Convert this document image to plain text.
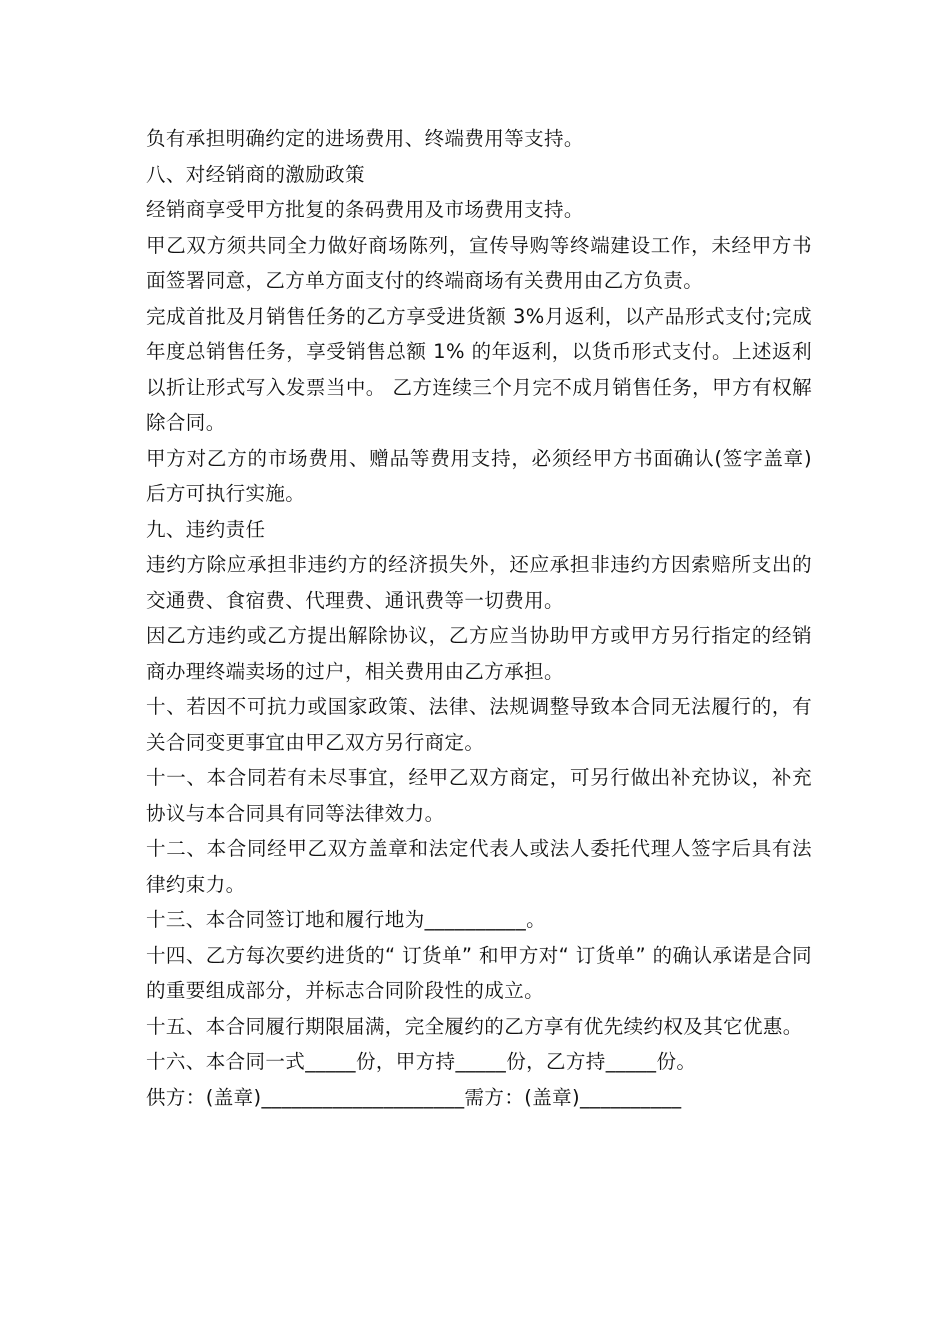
负有承担明确约定的进场费用、终端费用等支持。

八、对经销商的激励政策

经销商享受甲方批复的条码费用及市场费用支持。

甲乙双方须共同全力做好商场陈列，宣传导购等终端建设工作，未经甲方书面签署同意，乙方单方面支付的终端商场有关费用由乙方负责。

完成首批及月销售任务的乙方享受进货额 3%月返利，以产品形式支付;完成年度总销售任务，享受销售总额 1% 的年返利，以货币形式支付。上述返利以折让形式写入发票当中。 乙方连续三个月完不成月销售任务，甲方有权解除合同。

甲方对乙方的市场费用、赠品等费用支持，必须经甲方书面确认(签字盖章)后方可执行实施。

九、违约责任

违约方除应承担非违约方的经济损失外，还应承担非违约方因索赔所支出的交通费、食宿费、代理费、通讯费等一切费用。

因乙方违约或乙方提出解除协议，乙方应当协助甲方或甲方另行指定的经销商办理终端卖场的过户，相关费用由乙方承担。

十、若因不可抗力或国家政策、法律、法规调整导致本合同无法履行的，有关合同变更事宜由甲乙双方另行商定。

十一、本合同若有未尽事宜，经甲乙双方商定，可另行做出补充协议，补充协议与本合同具有同等法律效力。

十二、本合同经甲乙双方盖章和法定代表人或法人委托代理人签字后具有法律约束力。

十三、本合同签订地和履行地为__________。

十四、乙方每次要约进货的“ 订货单” 和甲方对“ 订货单” 的确认承诺是合同的重要组成部分，并标志合同阶段性的成立。

十五、本合同履行期限届满，完全履约的乙方享有优先续约权及其它优惠。

十六、本合同一式_____份，甲方持_____份，乙方持_____份。

供方：(盖章)____________________需方：(盖章)__________
